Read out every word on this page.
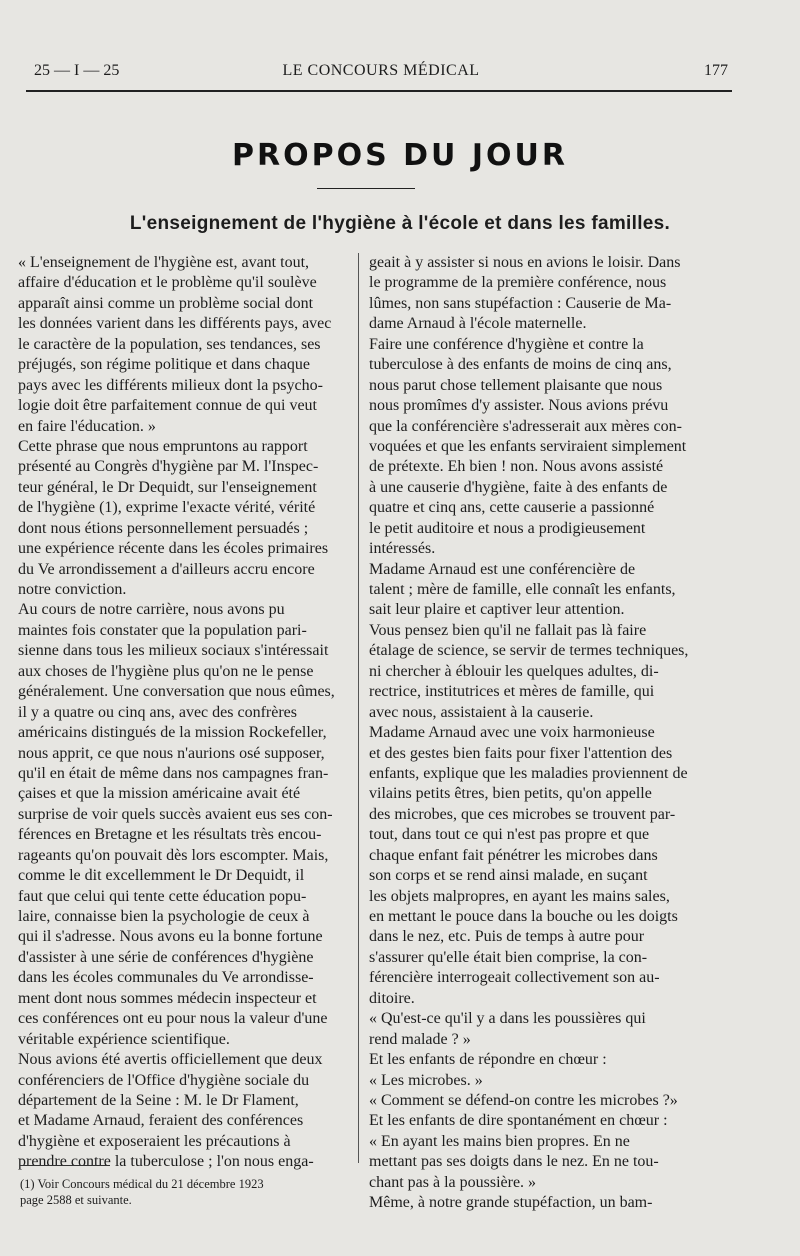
25 — I — 25	LE CONCOURS MÉDICAL	177
PROPOS DU JOUR
L'enseignement de l'hygiène à l'école et dans les familles.
« L'enseignement de l'hygiène est, avant tout,
affaire d'éducation et le problème qu'il soulève
apparaît ainsi comme un problème social dont
les données varient dans les différents pays, avec
le caractère de la population, ses tendances, ses
préjugés, son régime politique et dans chaque
pays avec les différents milieux dont la psycho-
logie doit être parfaitement connue de qui veut
en faire l'éducation. »
Cette phrase que nous empruntons au rapport
présenté au Congrès d'hygiène par M. l'Inspec-
teur général, le Dr Dequidt, sur l'enseignement
de l'hygiène (1), exprime l'exacte vérité, vérité
dont nous étions personnellement persuadés ;
une expérience récente dans les écoles primaires
du Ve arrondissement a d'ailleurs accru encore
notre conviction.
Au cours de notre carrière, nous avons pu
maintes fois constater que la population pari-
sienne dans tous les milieux sociaux s'intéressait
aux choses de l'hygiène plus qu'on ne le pense
généralement. Une conversation que nous eûmes,
il y a quatre ou cinq ans, avec des confrères
américains distingués de la mission Rockefeller,
nous apprit, ce que nous n'aurions osé supposer,
qu'il en était de même dans nos campagnes fran-
çaises et que la mission américaine avait été
surprise de voir quels succès avaient eus ses con-
férences en Bretagne et les résultats très encou-
rageants qu'on pouvait dès lors escompter. Mais,
comme le dit excellemment le Dr Dequidt, il
faut que celui qui tente cette éducation popu-
laire, connaisse bien la psychologie de ceux à
qui il s'adresse. Nous avons eu la bonne fortune
d'assister à une série de conférences d'hygiène
dans les écoles communales du Ve arrondisse-
ment dont nous sommes médecin inspecteur et
ces conférences ont eu pour nous la valeur d'une
véritable expérience scientifique.
Nous avions été avertis officiellement que deux
conférenciers de l'Office d'hygiène sociale du
département de la Seine : M. le Dr Flament,
et Madame Arnaud, feraient des conférences
d'hygiène et exposeraient les précautions à
prendre contre la tuberculose ; l'on nous enga-
geait à y assister si nous en avions le loisir. Dans
le programme de la première conférence, nous
lûmes, non sans stupéfaction : Causerie de Ma-
dame Arnaud à l'école maternelle.
Faire une conférence d'hygiène et contre la
tuberculose à des enfants de moins de cinq ans,
nous parut chose tellement plaisante que nous
nous promîmes d'y assister. Nous avions prévu
que la conférencière s'adresserait aux mères con-
voquées et que les enfants serviraient simplement
de prétexte. Eh bien ! non. Nous avons assisté
à une causerie d'hygiène, faite à des enfants de
quatre et cinq ans, cette causerie a passionné
le petit auditoire et nous a prodigieusement
intéressés.
Madame Arnaud est une conférencière de
talent ; mère de famille, elle connaît les enfants,
sait leur plaire et captiver leur attention.
Vous pensez bien qu'il ne fallait pas là faire
étalage de science, se servir de termes techniques,
ni chercher à éblouir les quelques adultes, di-
rectrice, institutrices et mères de famille, qui
avec nous, assistaient à la causerie.
Madame Arnaud avec une voix harmonieuse
et des gestes bien faits pour fixer l'attention des
enfants, explique que les maladies proviennent de
vilains petits êtres, bien petits, qu'on appelle
des microbes, que ces microbes se trouvent par-
tout, dans tout ce qui n'est pas propre et que
chaque enfant fait pénétrer les microbes dans
son corps et se rend ainsi malade, en suçant
les objets malpropres, en ayant les mains sales,
en mettant le pouce dans la bouche ou les doigts
dans le nez, etc. Puis de temps à autre pour
s'assurer qu'elle était bien comprise, la con-
férencière interrogeait collectivement son au-
ditoire.
« Qu'est-ce qu'il y a dans les poussières qui
rend malade ? »
Et les enfants de répondre en chœur :
« Les microbes. »
« Comment se défend-on contre les microbes ?»
Et les enfants de dire spontanément en chœur :
« En ayant les mains bien propres. En ne
mettant pas ses doigts dans le nez. En ne tou-
chant pas à la poussière. »
Même, à notre grande stupéfaction, un bam-
(1) Voir Concours médical du 21 décembre 1923
page 2588 et suivante.
